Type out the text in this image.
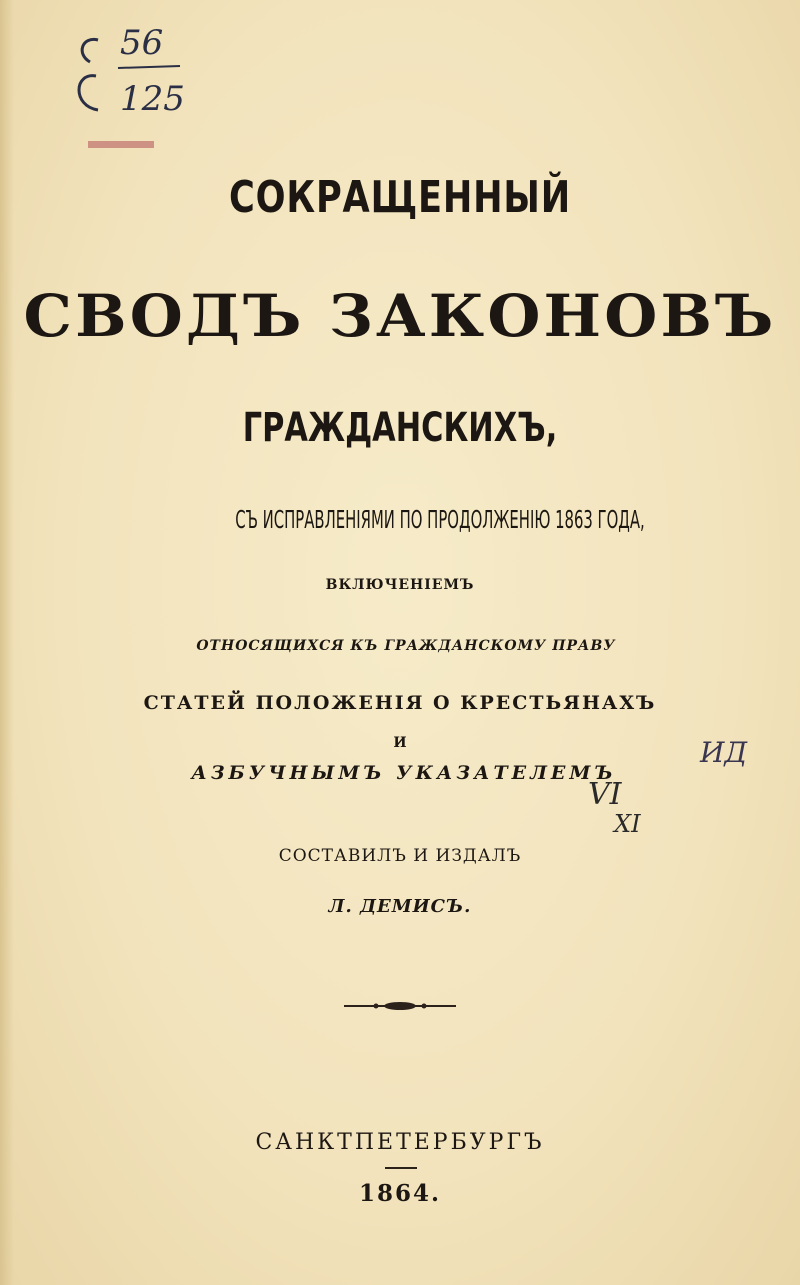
56
125
СОКРАЩЕННЫЙ
СВОДЪ ЗАКОНОВЪ
ГРАЖДАНСКИХЪ,
СЪ ИСПРАВЛЕНІЯМИ ПО ПРОДОЛЖЕНІЮ 1863 ГОДА,
ВКЛЮЧЕНІЕМЪ
ОТНОСЯЩИХСЯ КЪ ГРАЖДАНСКОМУ ПРАВУ
СТАТЕЙ ПОЛОЖЕНІЯ О КРЕСТЬЯНАХЪ
И
АЗБУЧНЫМЪ УКАЗАТЕЛЕМЪ
ИД
VI
XI
СОСТАВИЛЪ И ИЗДАЛЪ
Л. ДЕМИСЪ.
САНКТПЕТЕРБУРГЪ
1864.
